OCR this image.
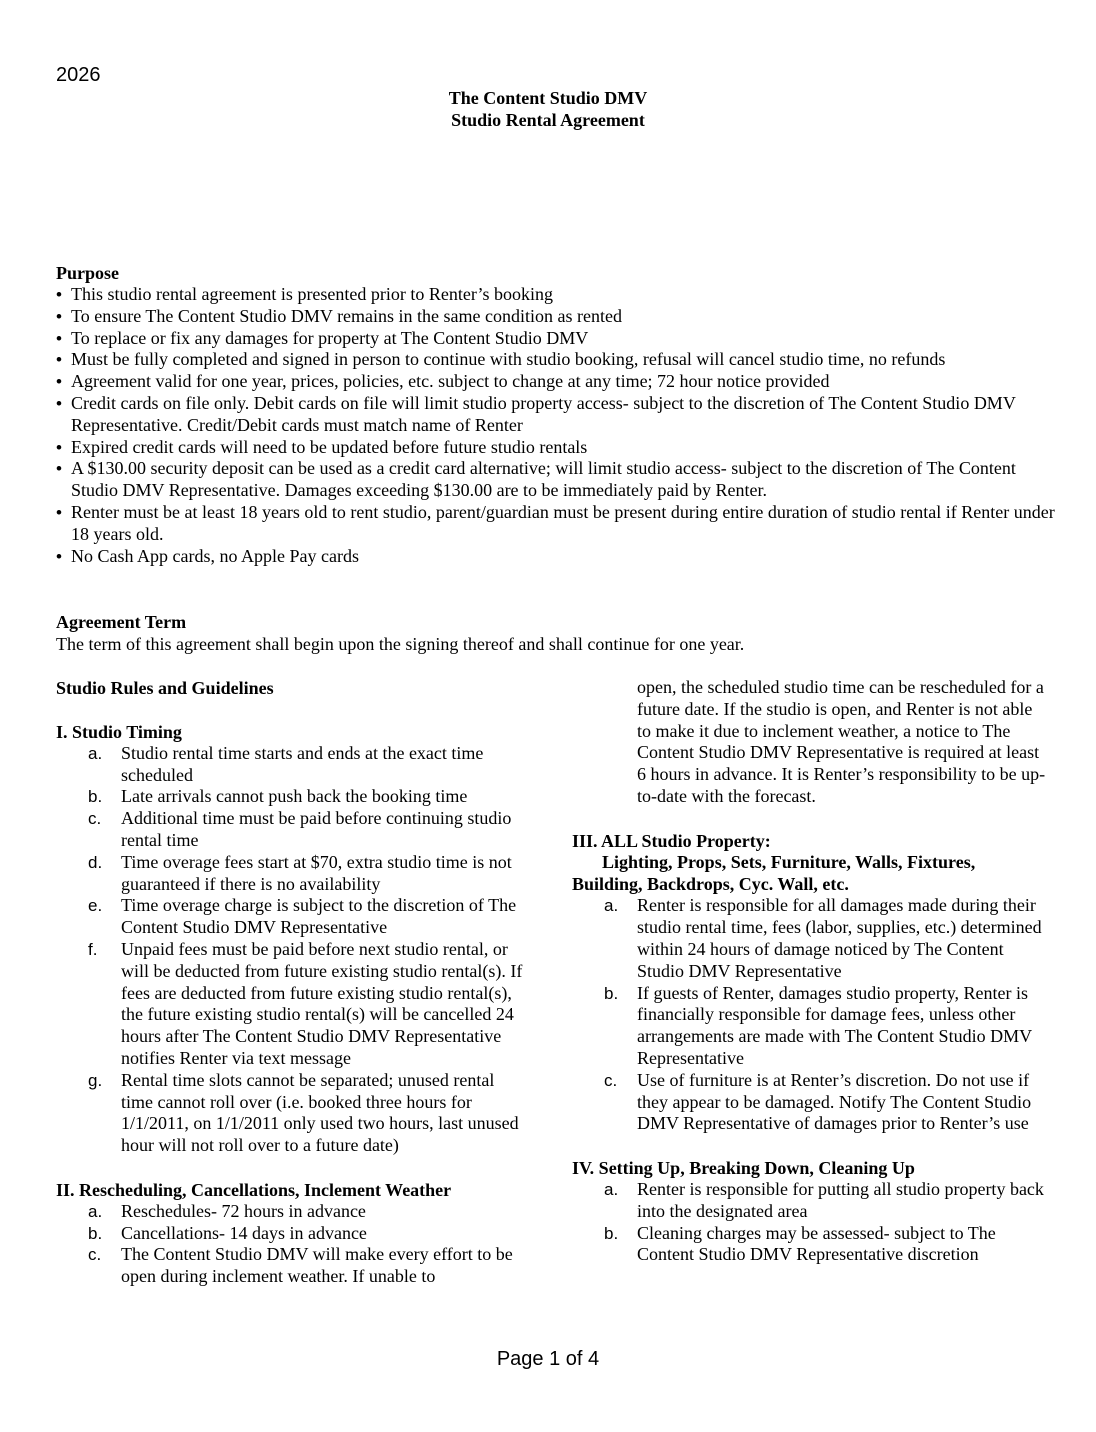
2026
The Content Studio DMV
Studio Rental Agreement
Purpose
• This studio rental agreement is presented prior to Renter’s booking
• To ensure The Content Studio DMV remains in the same condition as rented
• To replace or fix any damages for property at The Content Studio DMV
• Must be fully completed and signed in person to continue with studio booking, refusal will cancel studio time, no refunds
• Agreement valid for one year, prices, policies, etc. subject to change at any time; 72 hour notice provided
• Credit cards on file only. Debit cards on file will limit studio property access- subject to the discretion of The Content Studio DMV Representative. Credit/Debit cards must match name of Renter
• Expired credit cards will need to be updated before future studio rentals
• A $130.00 security deposit can be used as a credit card alternative; will limit studio access- subject to the discretion of The Content Studio DMV Representative. Damages exceeding $130.00 are to be immediately paid by Renter.
• Renter must be at least 18 years old to rent studio, parent/guardian must be present during entire duration of studio rental if Renter under 18 years old.
• No Cash App cards, no Apple Pay cards
Agreement Term
The term of this agreement shall begin upon the signing thereof and shall continue for one year.
Studio Rules and Guidelines
I. Studio Timing
a. Studio rental time starts and ends at the exact time scheduled
b. Late arrivals cannot push back the booking time
c. Additional time must be paid before continuing studio rental time
d. Time overage fees start at $70, extra studio time is not guaranteed if there is no availability
e. Time overage charge is subject to the discretion of The Content Studio DMV Representative
f. Unpaid fees must be paid before next studio rental, or will be deducted from future existing studio rental(s). If fees are deducted from future existing studio rental(s), the future existing studio rental(s) will be cancelled 24 hours after The Content Studio DMV Representative notifies Renter via text message
g. Rental time slots cannot be separated; unused rental time cannot roll over (i.e. booked three hours for 1/1/2011, on 1/1/2011 only used two hours, last unused hour will not roll over to a future date)
II. Rescheduling, Cancellations, Inclement Weather
a. Reschedules- 72 hours in advance
b. Cancellations- 14 days in advance
c. The Content Studio DMV will make every effort to be open during inclement weather. If unable to
open, the scheduled studio time can be rescheduled for a future date. If the studio is open, and Renter is not able to make it due to inclement weather, a notice to The Content Studio DMV Representative is required at least 6 hours in advance. It is Renter’s responsibility to be up-to-date with the forecast.
III. ALL Studio Property:
Lighting, Props, Sets, Furniture, Walls, Fixtures,
Building, Backdrops, Cyc. Wall, etc.
a. Renter is responsible for all damages made during their studio rental time, fees (labor, supplies, etc.) determined within 24 hours of damage noticed by The Content Studio DMV Representative
b. If guests of Renter, damages studio property, Renter is financially responsible for damage fees, unless other arrangements are made with The Content Studio DMV Representative
c. Use of furniture is at Renter’s discretion. Do not use if they appear to be damaged. Notify The Content Studio DMV Representative of damages prior to Renter’s use
IV. Setting Up, Breaking Down, Cleaning Up
a. Renter is responsible for putting all studio property back into the designated area
b. Cleaning charges may be assessed- subject to The Content Studio DMV Representative discretion
Page 1 of 4
